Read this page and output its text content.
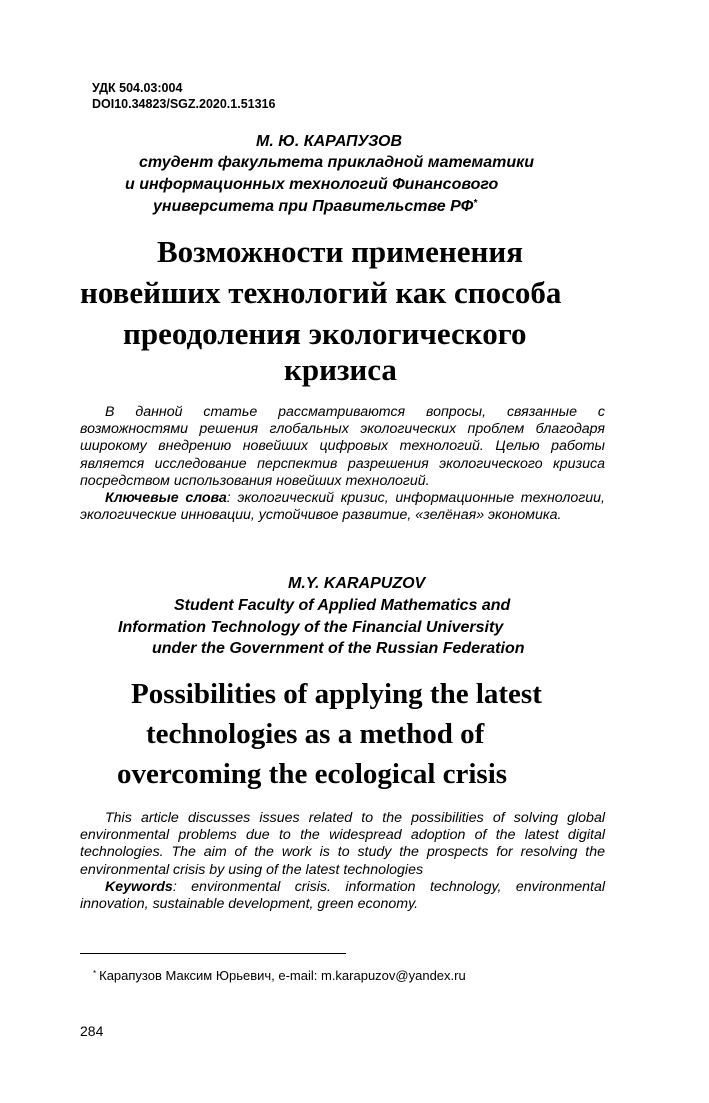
УДК 504.03:004
DOI10.34823/SGZ.2020.1.51316
М. Ю. КАРАПУЗОВ
студент факультета прикладной математики
и информационных технологий Финансового
университета при Правительстве РФ*
Возможности применения
новейших технологий как способа
преодоления экологического
кризиса

В данной статье рассматриваются вопросы, связанные с возможностями решения глобальных экологических проблем благодаря широкому внедрению новейших цифровых технологий. Целью работы является исследование перспектив разрешения экологического кризиса посредством использования новейших технологий.

Ключевые слова: экологический кризис, информационные технологии, экологические инновации, устойчивое развитие, «зелёная» экономика.

M.Y. KARAPUZOV
Student Faculty of Applied Mathematics and
Information Technology of the Financial University
under the Government of the Russian Federation
Possibilities of applying the latest
technologies as a method of
overcoming the ecological crisis

This article discusses issues related to the possibilities of solving global environmental problems due to the widespread adoption of the latest digital technologies. The aim of the work is to study the prospects for resolving the environmental crisis by using of the latest technologies

Keywords: environmental crisis. information technology, environmental innovation, sustainable development, green economy.

* Карапузов Максим Юрьевич, e-mail: m.karapuzov@yandex.ru
284
